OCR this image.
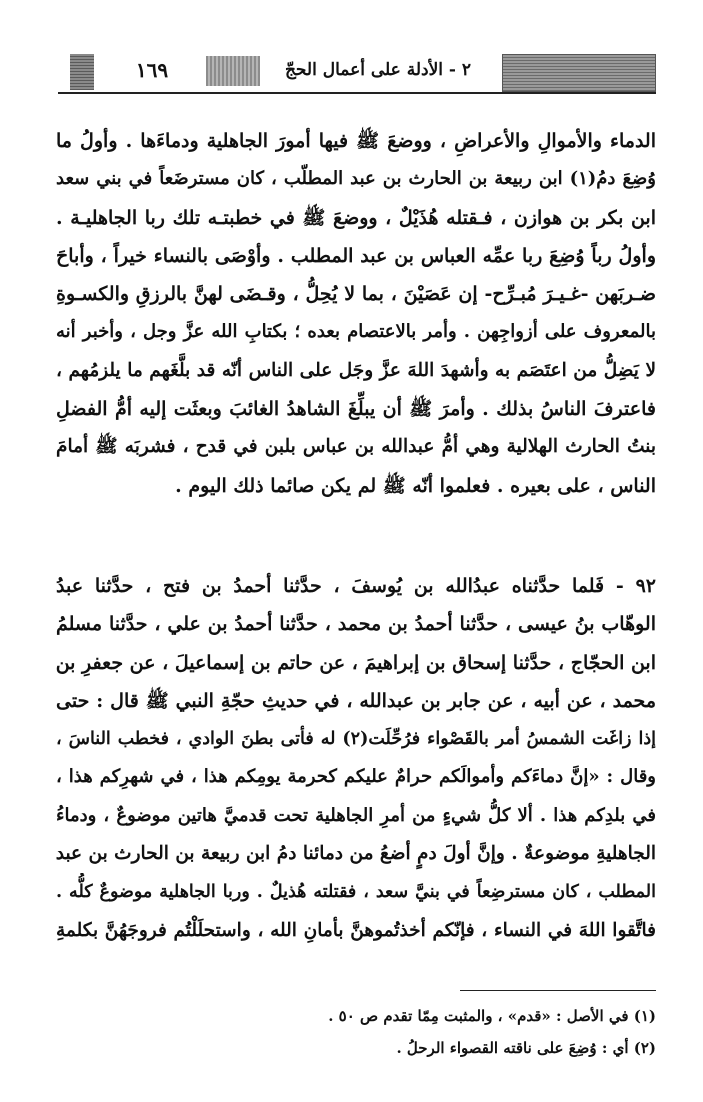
١٦٩	٢ - الأدلة على أعمال الحجّ
الدماء والأموالِ والأعراضِ ، ووضعَ ﷺ فيها أمورَ الجاهلية ودماءَها . وأولُ ما
وُضِعَ دمُ(١) ابن ربيعة بن الحارث بن عبد المطلّب ، كان مسترضَعاً في بني سعد
ابن بكر بن هوازن ، فـقتله هُذَيْلٌ ، ووضعَ ﷺ في خطبتـه تلك ربا الجاهليـة .
وأولُ رباً وُضِعَ ربا عمِّه العباس بن عبد المطلب . وأوْصَى بالنساء خيراً ، وأباحَ
ضـربَهن -غـيـرَ مُبـرِّح- إن عَصَيْنَ ، بما لا يُحِلُّ ، وقـضَى لهنَّ بالرزقِ والكسـوةِ
بالمعروف على أزواجِهن . وأمر بالاعتصام بعده ؛ بكتابِ الله عزَّ وجل ، وأخبر أنه
لا يَضِلُّ من اعتَصَم به وأشهدَ اللهَ عزَّ وجَل على الناس أنّه قد بلَّغَهم ما يلزمُهم ،
فاعترفَ الناسُ بذلك . وأمرَ ﷺ أن يبلِّغَ الشاهدُ الغائبَ وبعثَت إليه أمُّ الفضلِ
بنتُ الحارث الهلالية وهي أمُّ عبدالله بن عباس بلبن في قدح ، فشربَه ﷺ أمامَ
الناس ، على بعيره . فعلموا أنّه ﷺ لم يكن صائما ذلك اليوم .
٩٢ - فَلما حدَّثناه عبدُالله بن يُوسفَ ، حدَّثنا أحمدُ بن فتح ، حدَّثنا عبدُ
الوهّاب بنُ عيسى ، حدَّثنا أحمدُ بن محمد ، حدَّثنا أحمدُ بن علي ، حدَّثنا مسلمُ
ابن الحجّاج ، حدَّثنا إسحاق بن إبراهيمَ ، عن حاتم بن إسماعيلَ ، عن جعفرِ بن
محمد ، عن أبيه ، عن جابر بن عبدالله ، في حديثِ حجّةِ النبي ﷺ قال : حتى
إذا زاغَت الشمسُ أمر بالقَصْواء فرُحِّلَت(٢) له فأتى بطنَ الوادي ، فخطب الناسَ ،
وقال : «إنَّ دماءَكم وأموالَكم حرامٌ عليكم كحرمة يومِكم هذا ، في شهرِكم هذا ،
في بلدِكم هذا . ألا كلُّ شيءٍ من أمرِ الجاهلية تحت قدميَّ هاتين موضوعٌ ، ودماءُ
الجاهليةِ موضوعةٌ . وإنَّ أولَ دمٍ أضعُ من دمائنا دمُ ابن ربيعة بن الحارث بن عبد
المطلب ، كان مسترضِعاً في بنيَّ سعد ، فقتلته هُذيلٌ . وربا الجاهلية موضوعٌ كلُّه .
فاتَّقوا اللهَ في النساء ، فإنّكم أخذتُموهنَّ بأمانِ الله ، واستحلَلْتُم فروجَهُنَّ بكلمةِ
(١) في الأصل : «قدم» ، والمثبت مِمّا تقدم ص ٥٠ .
(٢) أي : وُضِعَ على ناقته القصواء الرحلُ .
